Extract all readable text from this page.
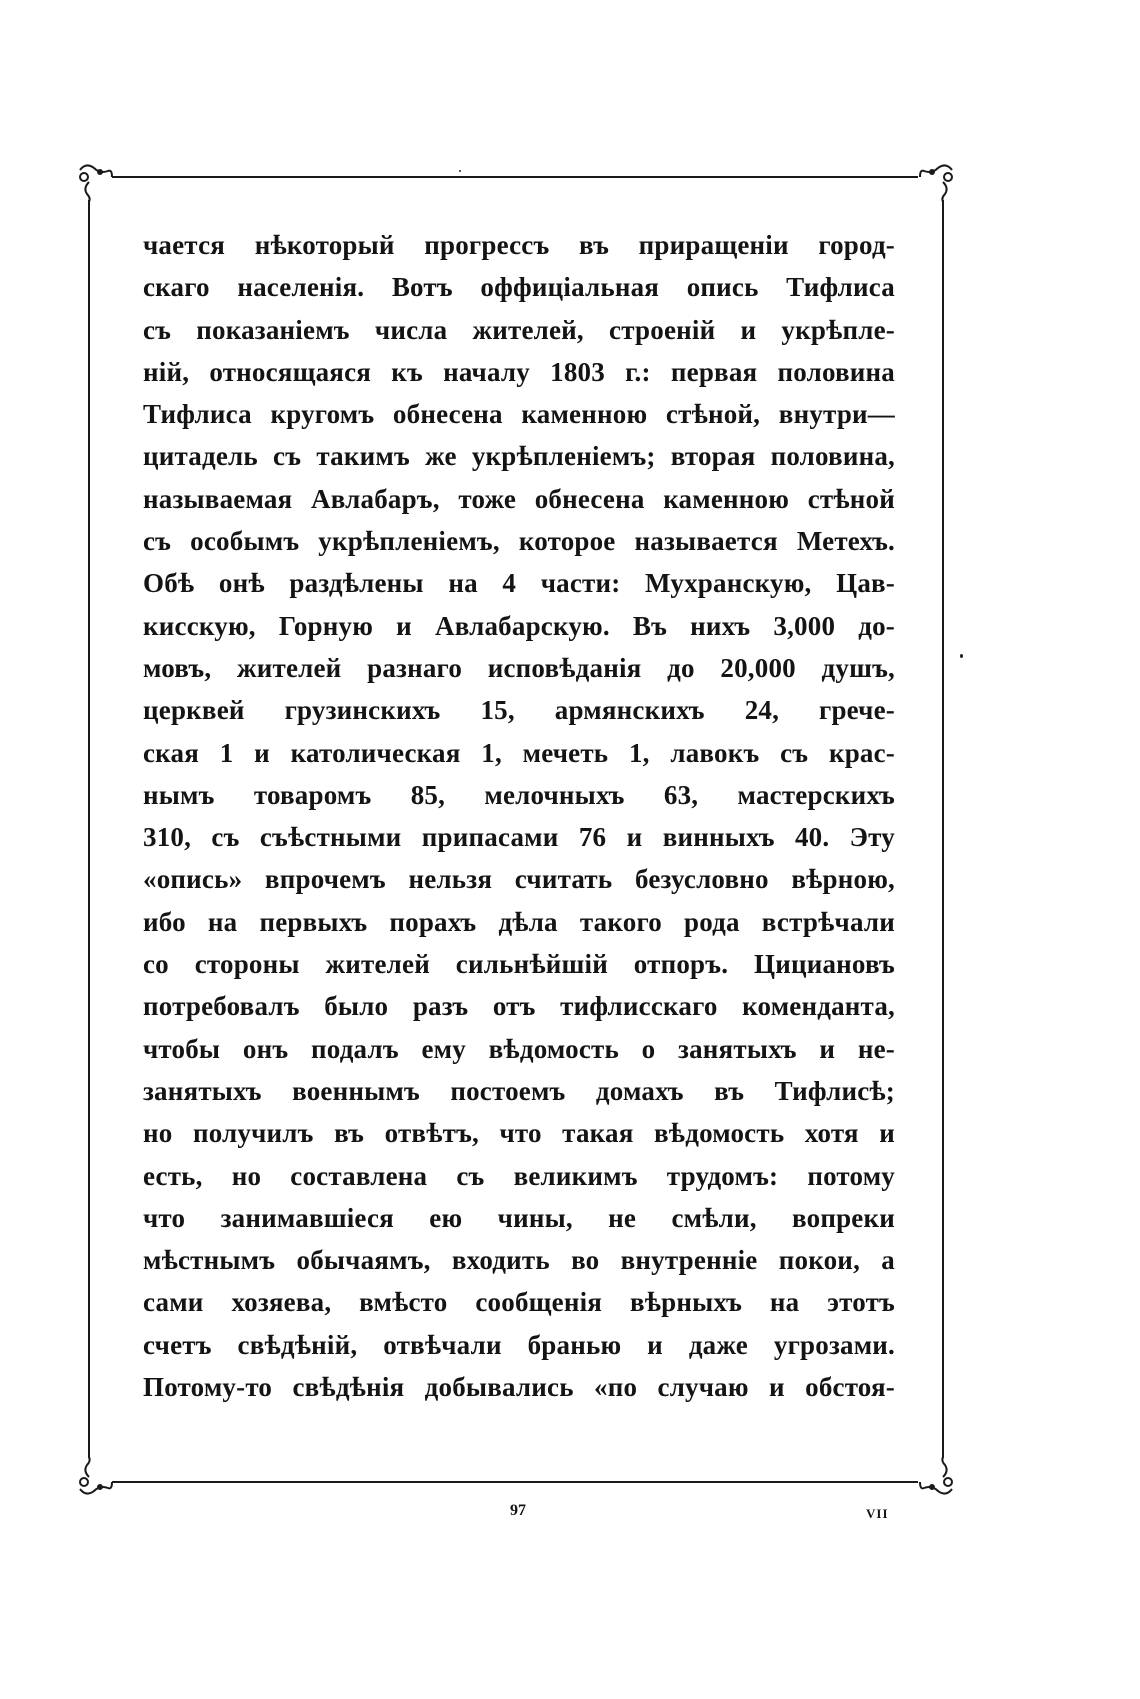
чается нѣкоторый прогрессъ въ приращеніи город-
скаго населенія. Вотъ оффиціальная опись Тифлиса
съ показаніемъ числа жителей, строеній и укрѣпле-
ній, относящаяся къ началу 1803 г.: первая половина
Тифлиса кругомъ обнесена каменною стѣной, внутри—
цитадель съ такимъ же укрѣпленіемъ; вторая половина,
называемая Авлабаръ, тоже обнесена каменною стѣной
съ особымъ укрѣпленіемъ, которое называется Метехъ.
Обѣ онѣ раздѣлены на 4 части: Мухранскую, Цав-
кисскую, Горную и Авлабарскую. Въ нихъ 3,000 до-
мовъ, жителей разнаго исповѣданія до 20,000 душъ,
церквей грузинскихъ 15, армянскихъ 24, грече-
ская 1 и католическая 1, мечеть 1, лавокъ съ крас-
нымъ товаромъ 85, мелочныхъ 63, мастерскихъ
310, съ съѣстными припасами 76 и винныхъ 40. Эту
«опись» впрочемъ нельзя считать безусловно вѣрною,
ибо на первыхъ порахъ дѣла такого рода встрѣчали
со стороны жителей сильнѣйшій отпоръ. Цициановъ
потребовалъ было разъ отъ тифлисскаго коменданта,
чтобы онъ подалъ ему вѣдомость о занятыхъ и не-
занятыхъ военнымъ постоемъ домахъ въ Тифлисѣ;
но получилъ въ отвѣтъ, что такая вѣдомость хотя и
есть, но составлена съ великимъ трудомъ: потому
что занимавшіеся ею чины, не смѣли, вопреки
мѣстнымъ обычаямъ, входить во внутренніе покои, а
сами хозяева, вмѣсто сообщенія вѣрныхъ на этотъ
счетъ свѣдѣній, отвѣчали бранью и даже угрозами.
Потому-то свѣдѣнія добывались «по случаю и обстоя-
97	VII
